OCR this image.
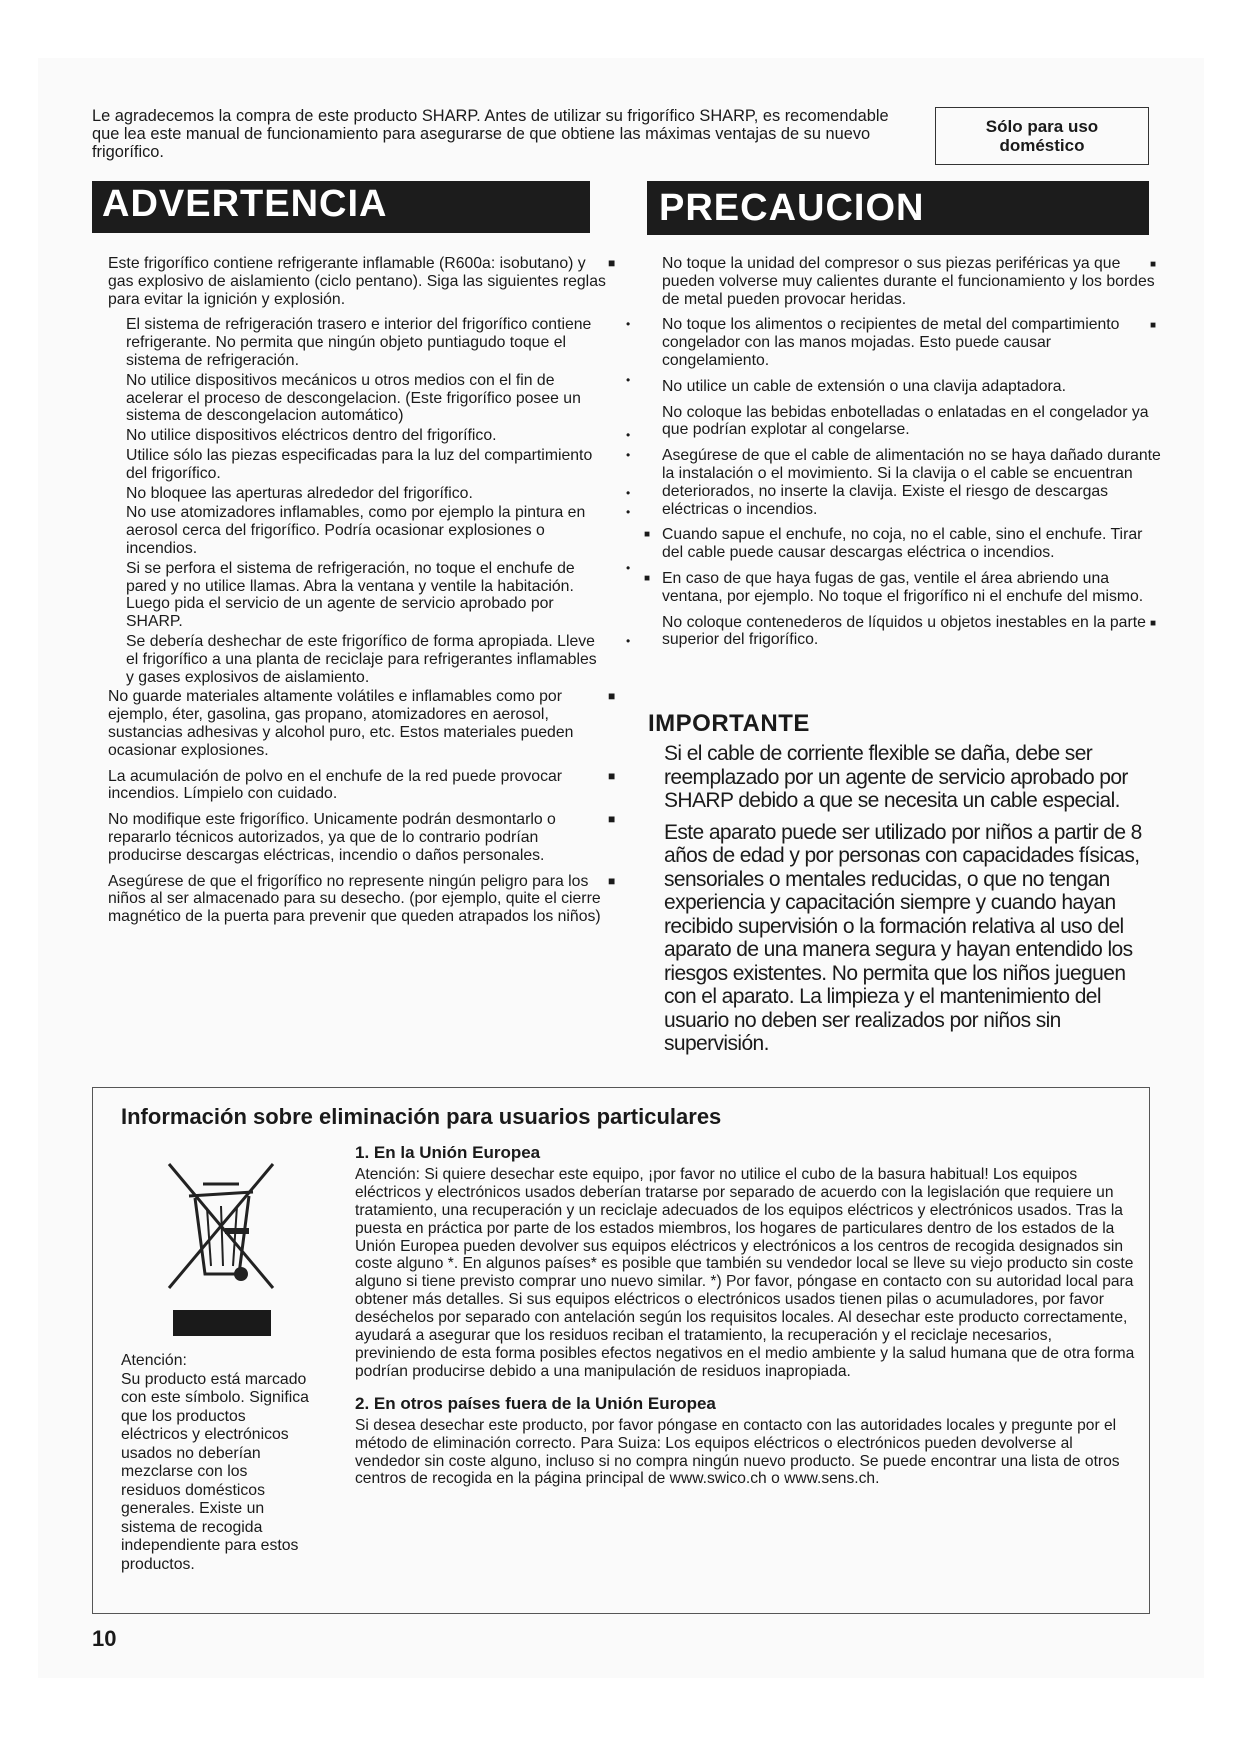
Le agradecemos la compra de este producto SHARP. Antes de utilizar su frigorífico SHARP, es recomendable que lea este manual de funcionamiento para asegurarse de que obtiene las máximas ventajas de su nuevo frigorífico.

Sólo para uso
doméstico
ADVERTENCIA	PRECAUCION

Este frigorífico contiene refrigerante inflamable (R600a: isobutano) y gas explosivo de aislamiento (ciclo pentano). Siga las siguientes reglas para evitar la ignición y explosión.

■

El sistema de refrigeración trasero e interior del frigorífico contiene refrigerante. No permita que ningún objeto puntiagudo toque el sistema de refrigeración.

•

No utilice dispositivos mecánicos u otros medios con el fin de acelerar el proceso de descongelacion. (Este frigorífico posee un sistema de descongelacion automático)

•

No utilice dispositivos eléctricos dentro del frigorífico.	•

Utilice sólo las piezas especificadas para la luz del compartimiento del frigorífico.

•

No bloquee las aperturas alrededor del frigorífico.	•

No use atomizadores inflamables, como por ejemplo la pintura en aerosol cerca del frigorífico. Podría ocasionar explosiones o incendios.

•

Si se perfora el sistema de refrigeración, no toque el enchufe de pared y no utilice llamas. Abra la ventana y ventile la habitación. Luego pida el servicio de un agente de servicio aprobado por SHARP.

•

Se debería deshechar de este frigorífico de forma apropiada. Lleve el frigorífico a una planta de reciclaje para refrigerantes inflamables y gases explosivos de aislamiento.

•

No guarde materiales altamente volátiles e inflamables como por ejemplo, éter, gasolina, gas propano, atomizadores en aerosol, sustancias adhesivas y alcohol puro, etc. Estos materiales pueden ocasionar explosiones.

■

La acumulación de polvo en el enchufe de la red puede provocar incendios. Límpielo con cuidado.

■

No modifique este frigorífico. Unicamente podrán desmontarlo o repararlo técnicos autorizados, ya que de lo contrario podrían producirse descargas eléctricas, incendio o daños personales.

■

Asegúrese de que el frigorífico no represente ningún peligro para los niños al ser almacenado para su desecho. (por ejemplo, quite el cierre magnético de la puerta para prevenir que queden atrapados los niños)

■

No toque la unidad del compresor o sus piezas periféricas ya que pueden volverse muy calientes durante el funcionamiento y los bordes de metal pueden provocar heridas.

■

No toque los alimentos o recipientes de metal del compartimiento congelador con las manos mojadas. Esto puede causar congelamiento.

■

No utilice un cable de extensión o una clavija adaptadora.

No coloque las bebidas enbotelladas o enlatadas en el congelador ya que podrían explotar al congelarse.

Asegúrese de que el cable de alimentación no se haya dañado durante la instalación o el movimiento. Si la clavija o el cable se encuentran deteriorados, no inserte la clavija. Existe el riesgo de descargas eléctricas o incendios.

■ Cuando sapue el enchufe, no coja, no el cable, sino el enchufe. Tirar del cable puede causar descargas eléctrica o incendios.

■ En caso de que haya fugas de gas, ventile el área abriendo una ventana, por ejemplo. No toque el frigorífico ni el enchufe del mismo.

No coloque contenederos de líquidos u objetos inestables en la parte superior del frigorífico.

■
IMPORTANTE

Si el cable de corriente flexible se daña, debe ser reemplazado por un agente de servicio aprobado por SHARP debido a que se necesita un cable especial.

Este aparato puede ser utilizado por niños a partir de 8 años de edad y por personas con capacidades físicas, sensoriales o mentales reducidas, o que no tengan experiencia y capacitación siempre y cuando hayan recibido supervisión o la formación relativa al uso del aparato de una manera segura y hayan entendido los riesgos existentes. No permita que los niños jueguen con el aparato. La limpieza y el mantenimiento del usuario no deben ser realizados por niños sin supervisión.

Información sobre eliminación para usuarios particulares

Atención:
Su producto está marcado con este símbolo. Significa que los productos eléctricos y electrónicos usados no deberían mezclarse con los residuos domésticos generales. Existe un sistema de recogida independiente para estos productos.

1. En la Unión Europea

Atención: Si quiere desechar este equipo, ¡por favor no utilice el cubo de la basura habitual! Los equipos eléctricos y electrónicos usados deberían tratarse por separado de acuerdo con la legislación que requiere un tratamiento, una recuperación y un reciclaje adecuados de los equipos eléctricos y electrónicos usados. Tras la puesta en práctica por parte de los estados miembros, los hogares de particulares dentro de los estados de la Unión Europea pueden devolver sus equipos eléctricos y electrónicos a los centros de recogida designados sin coste alguno *. En algunos países* es posible que también su vendedor local se lleve su viejo producto sin coste alguno si tiene previsto comprar uno nuevo similar. *) Por favor, póngase en contacto con su autoridad local para obtener más detalles. Si sus equipos eléctricos o electrónicos usados tienen pilas o acumuladores, por favor deséchelos por separado con antelación según los requisitos locales. Al desechar este producto correctamente, ayudará a asegurar que los residuos reciban el tratamiento, la recuperación y el reciclaje necesarios, previniendo de esta forma posibles efectos negativos en el medio ambiente y la salud humana que de otra forma podrían producirse debido a una manipulación de residuos inapropiada.

2. En otros países fuera de la Unión Europea

Si desea desechar este producto, por favor póngase en contacto con las autoridades locales y pregunte por el método de eliminación correcto. Para Suiza: Los equipos eléctricos o electrónicos pueden devolverse al vendedor sin coste alguno, incluso si no compra ningún nuevo producto. Se puede encontrar una lista de otros centros de recogida en la página principal de www.swico.ch o www.sens.ch.

10
